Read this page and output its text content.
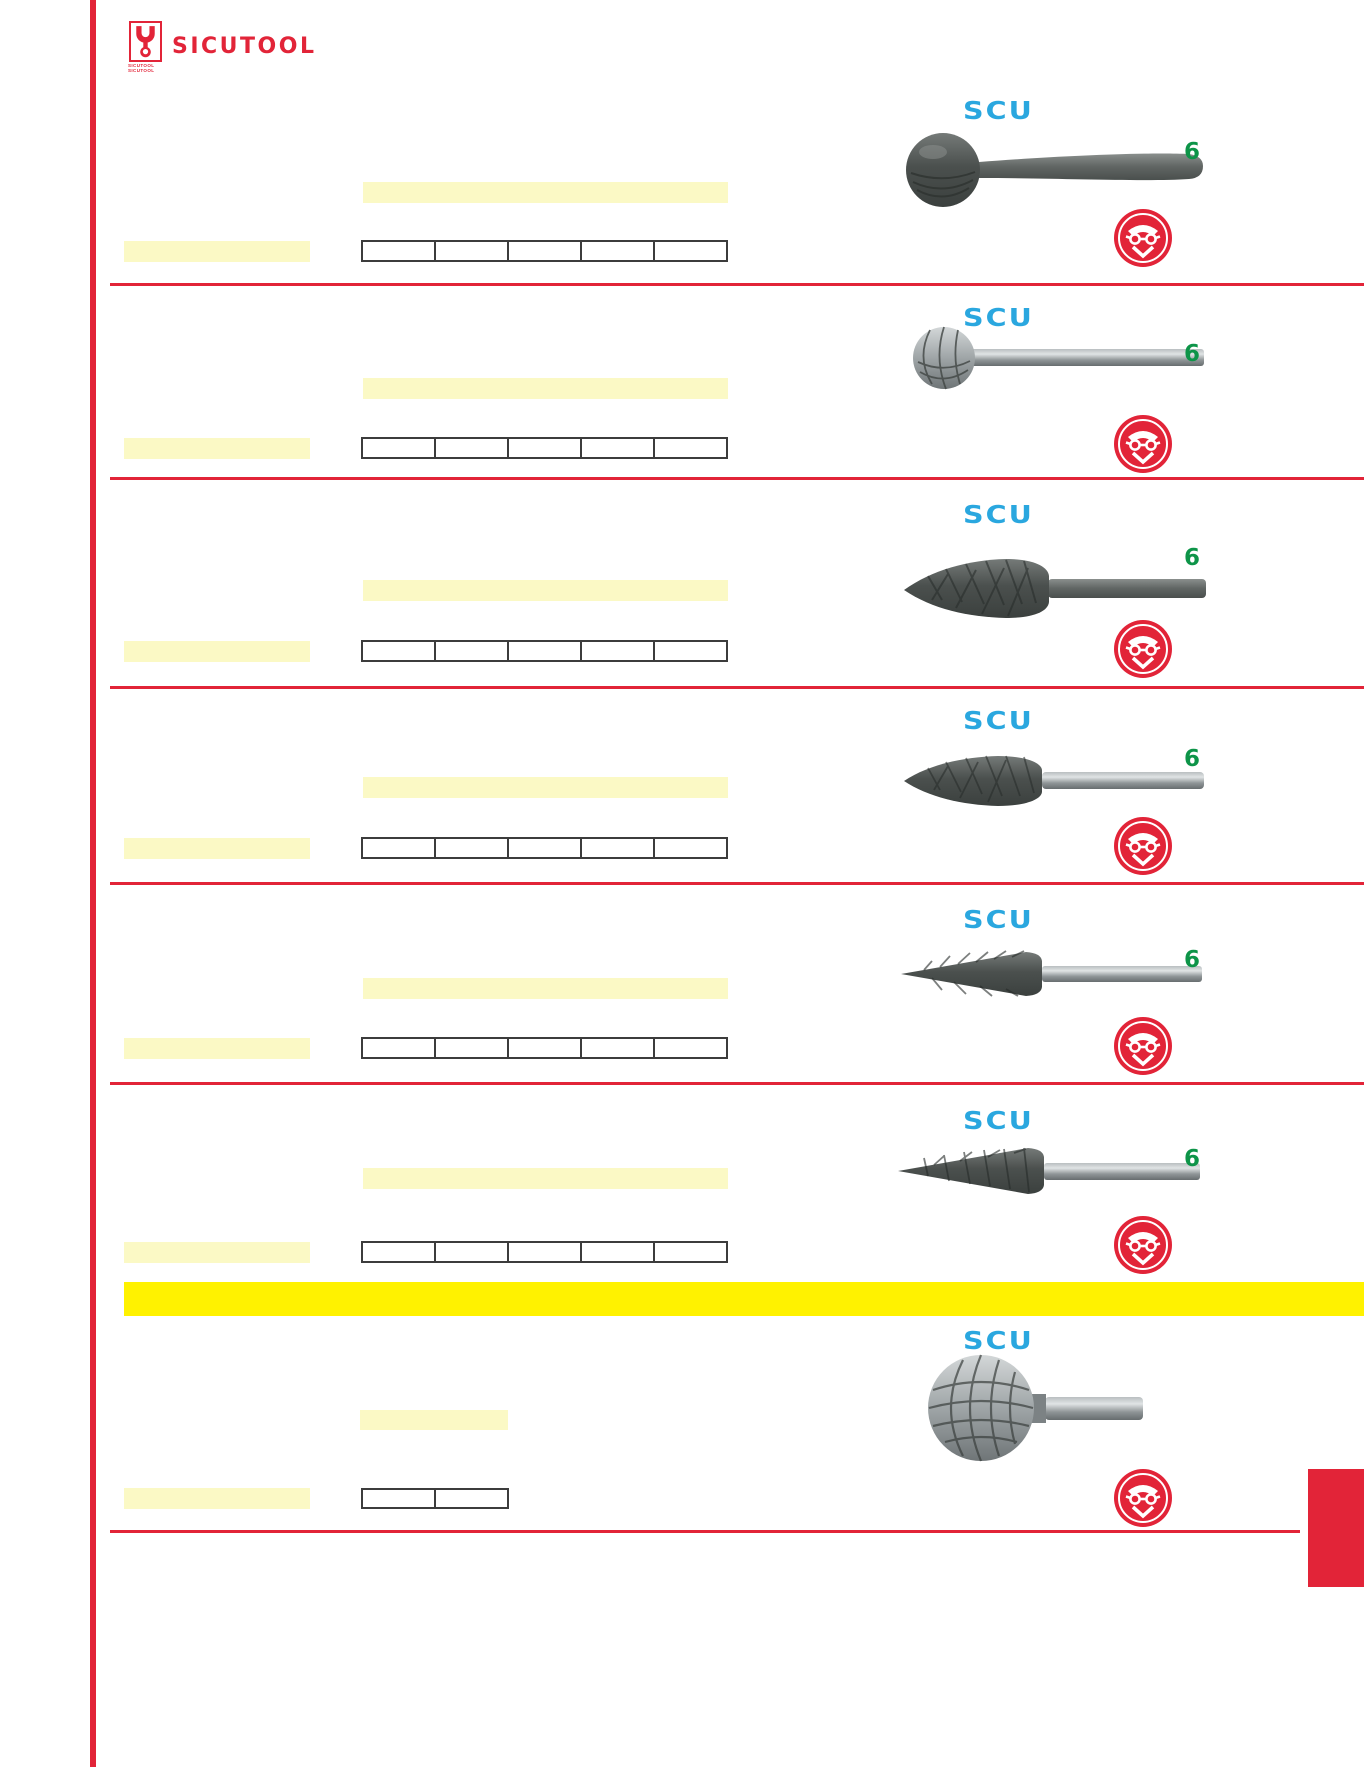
SICUTOOL
SICUTOOL
SICUTOOL
SCU
6
SCU
6
SCU
6
SCU
6
SCU
6
SCU
6
SCU
